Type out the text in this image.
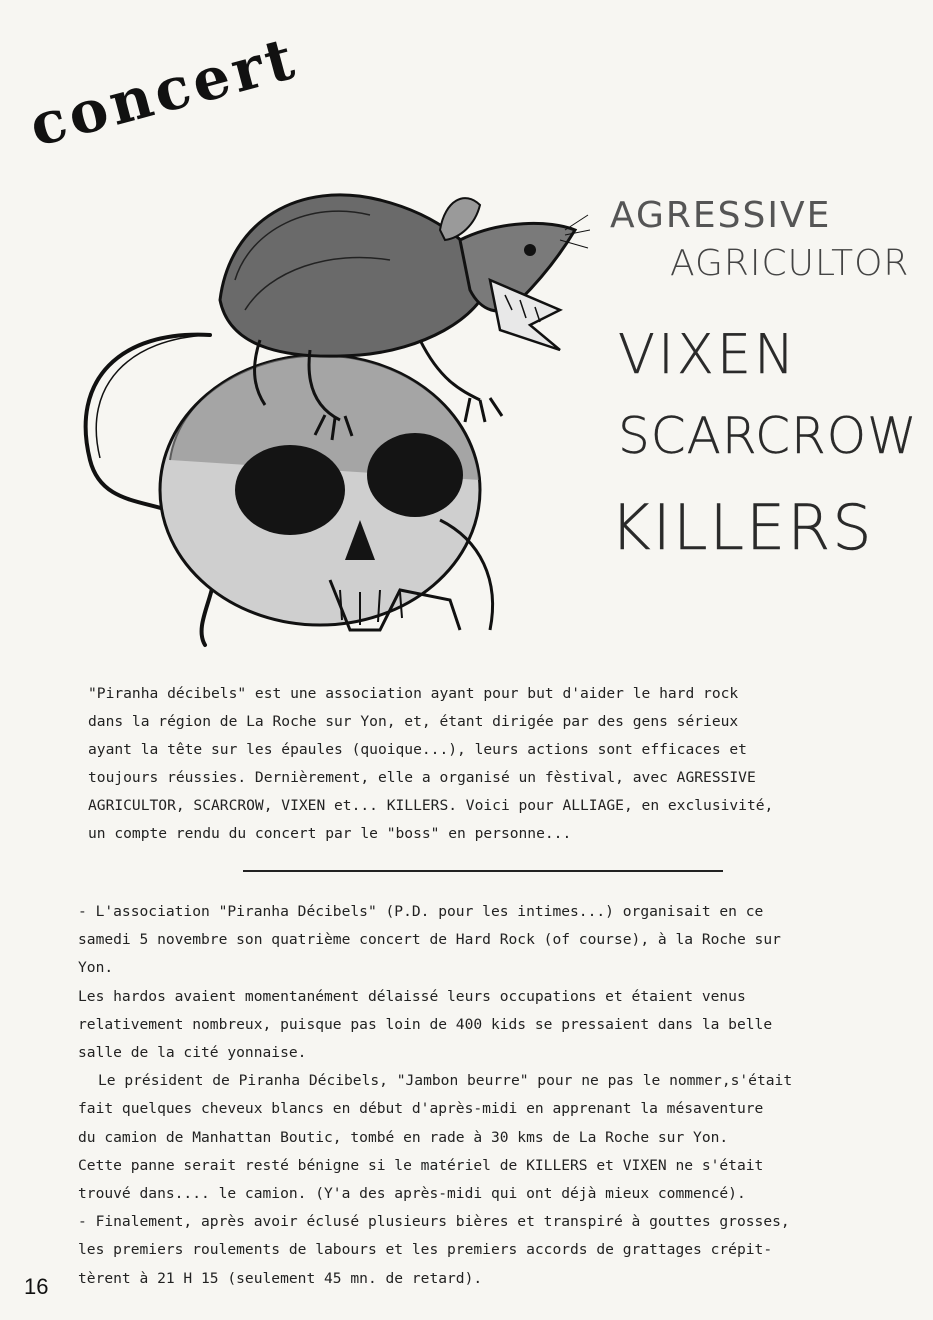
concert
AGRESSIVE
AGRICULTOR
VIXEN
SCARCROW
KILLERS
"Piranha décibels" est une association ayant pour but d'aider le hard rock
dans la région de La Roche sur Yon, et, étant dirigée par des gens sérieux
ayant la tête sur les épaules (quoique...), leurs actions sont efficaces et
toujours réussies. Dernièrement, elle a organisé un fèstival, avec AGRESSIVE
AGRICULTOR, SCARCROW, VIXEN et... KILLERS. Voici pour ALLIAGE, en exclusivité,
un compte rendu du concert par le "boss" en personne...
- L'association "Piranha Décibels" (P.D. pour les intimes...) organisait en ce
samedi 5 novembre son quatrième concert de Hard Rock (of course), à la Roche sur
Yon.
Les hardos avaient momentanément délaissé leurs occupations et étaient venus
relativement nombreux, puisque pas loin de 400 kids se pressaient dans la belle
salle de la cité yonnaise.
Le président de Piranha Décibels, "Jambon beurre" pour ne pas le nommer,s'était
fait quelques cheveux blancs en début d'après-midi en apprenant la mésaventure
du camion de Manhattan Boutic, tombé en rade à 30 kms de La Roche sur Yon.
Cette panne serait resté bénigne si le matériel de KILLERS et VIXEN ne s'était
trouvé dans.... le camion. (Y'a des après-midi qui ont déjà mieux commencé).
- Finalement, après avoir éclusé plusieurs bières et transpiré à gouttes grosses,
les premiers roulements de labours et les premiers accords de grattages crépit-
tèrent à 21 H 15 (seulement 45 mn. de retard).
16
